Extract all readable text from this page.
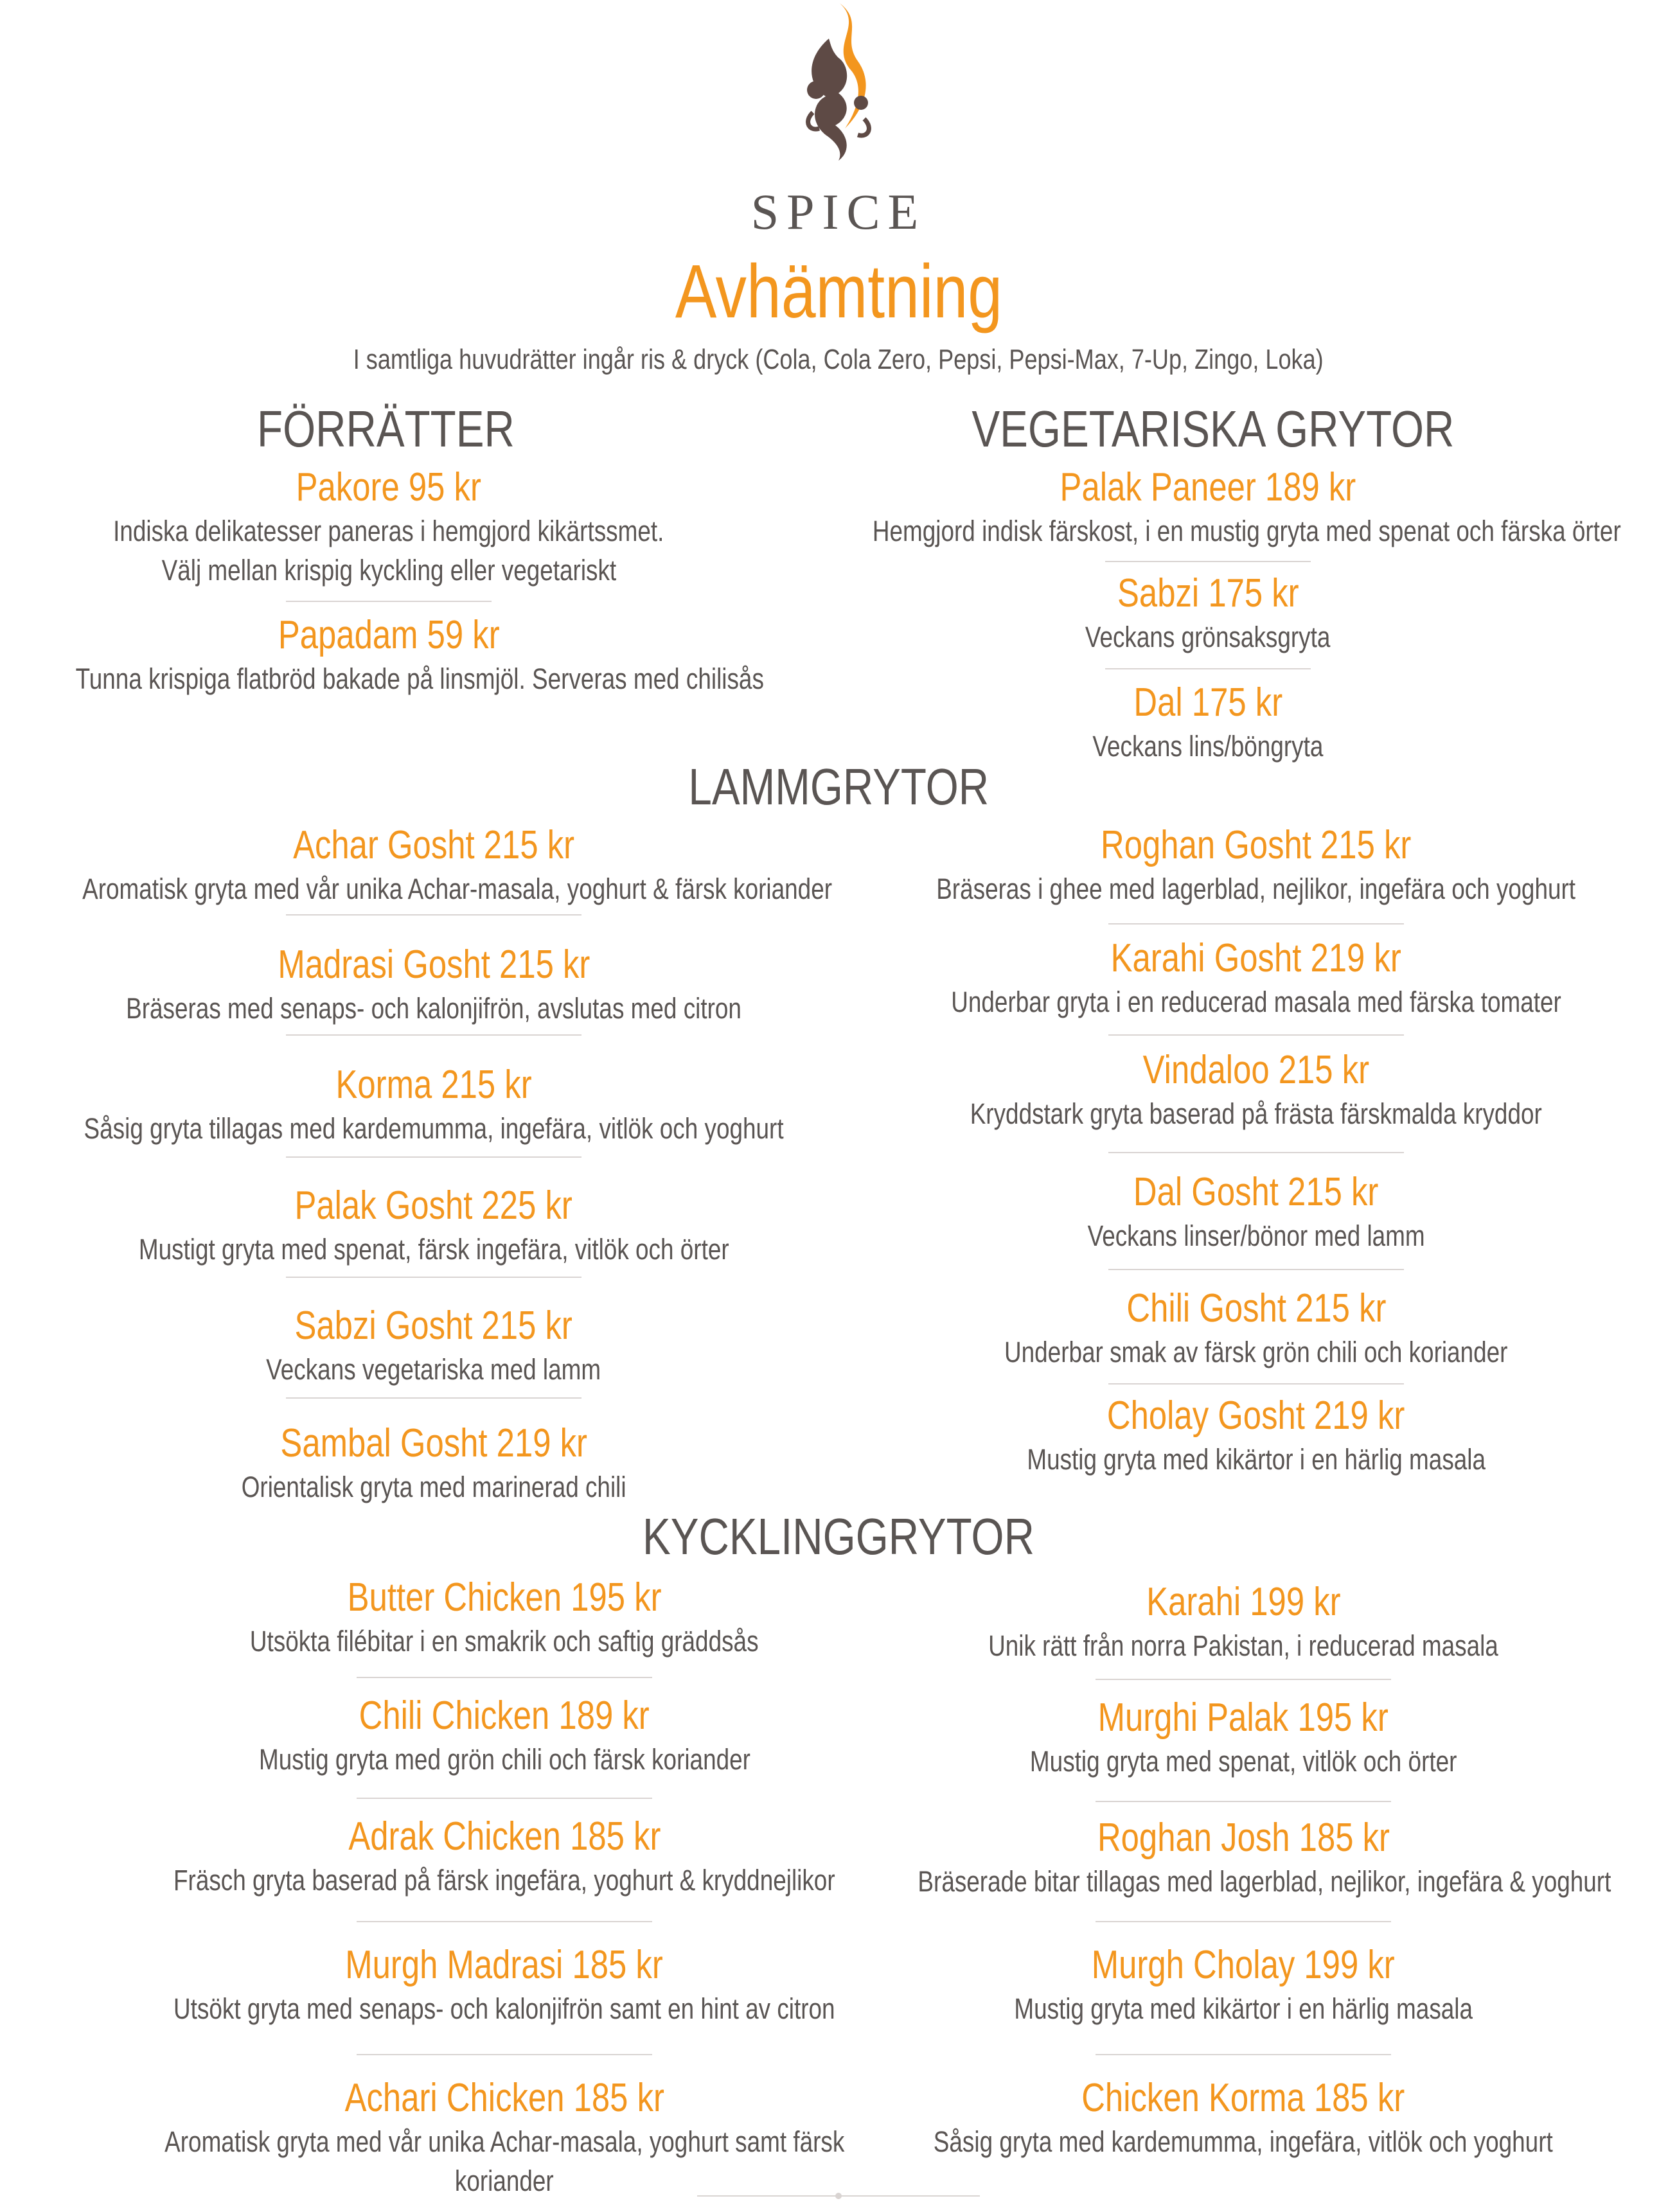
SPICE
Avhämtning
I samtliga huvudrätter ingår ris & dryck (Cola, Cola Zero, Pepsi, Pepsi-Max, 7-Up, Zingo, Loka)
FÖRRÄTTER
Pakore 95 kr
Indiska delikatesser paneras i hemgjord kikärtssmet.
Välj mellan krispig kyckling eller vegetariskt
Papadam 59 kr
Tunna krispiga flatbröd bakade på linsmjöl. Serveras med chilisås
VEGETARISKA GRYTOR
Palak Paneer 189 kr
Hemgjord indisk färskost, i en mustig gryta med spenat och färska örter
Sabzi 175 kr
Veckans grönsaksgryta
Dal 175 kr
Veckans lins/böngryta
LAMMGRYTOR
Achar Gosht 215 kr
Aromatisk gryta med vår unika Achar-masala, yoghurt & färsk koriander
Madrasi Gosht 215 kr
Bräseras med senaps- och kalonjifrön, avslutas med citron
Korma 215 kr
Såsig gryta tillagas med kardemumma, ingefära, vitlök och yoghurt
Palak Gosht 225 kr
Mustigt gryta med spenat, färsk ingefära, vitlök och örter
Sabzi Gosht 215 kr
Veckans vegetariska med lamm
Sambal Gosht 219 kr
Orientalisk gryta med marinerad chili
Roghan Gosht 215 kr
Bräseras i ghee med lagerblad, nejlikor, ingefära och yoghurt
Karahi Gosht 219 kr
Underbar gryta i en reducerad masala med färska tomater
Vindaloo 215 kr
Kryddstark gryta baserad på frästa färskmalda kryddor
Dal Gosht 215 kr
Veckans linser/bönor med lamm
Chili Gosht 215 kr
Underbar smak av färsk grön chili och koriander
Cholay Gosht 219 kr
Mustig gryta med kikärtor i en härlig masala
KYCKLINGGRYTOR
Butter Chicken 195 kr
Utsökta filébitar i en smakrik och saftig gräddsås
Chili Chicken 189 kr
Mustig gryta med grön chili och färsk koriander
Adrak Chicken 185 kr
Fräsch gryta baserad på färsk ingefära, yoghurt & kryddnejlikor
Murgh Madrasi 185 kr
Utsökt gryta med senaps- och kalonjifrön samt en hint av citron
Achari Chicken 185 kr
Aromatisk gryta med vår unika Achar-masala, yoghurt samt färsk
koriander
Karahi 199 kr
Unik rätt från norra Pakistan, i reducerad masala
Murghi Palak 195 kr
Mustig gryta med spenat, vitlök och örter
Roghan Josh 185 kr
Bräserade bitar tillagas med lagerblad, nejlikor, ingefära & yoghurt
Murgh Cholay 199 kr
Mustig gryta med kikärtor i en härlig masala
Chicken Korma 185 kr
Såsig gryta med kardemumma, ingefära, vitlök och yoghurt
